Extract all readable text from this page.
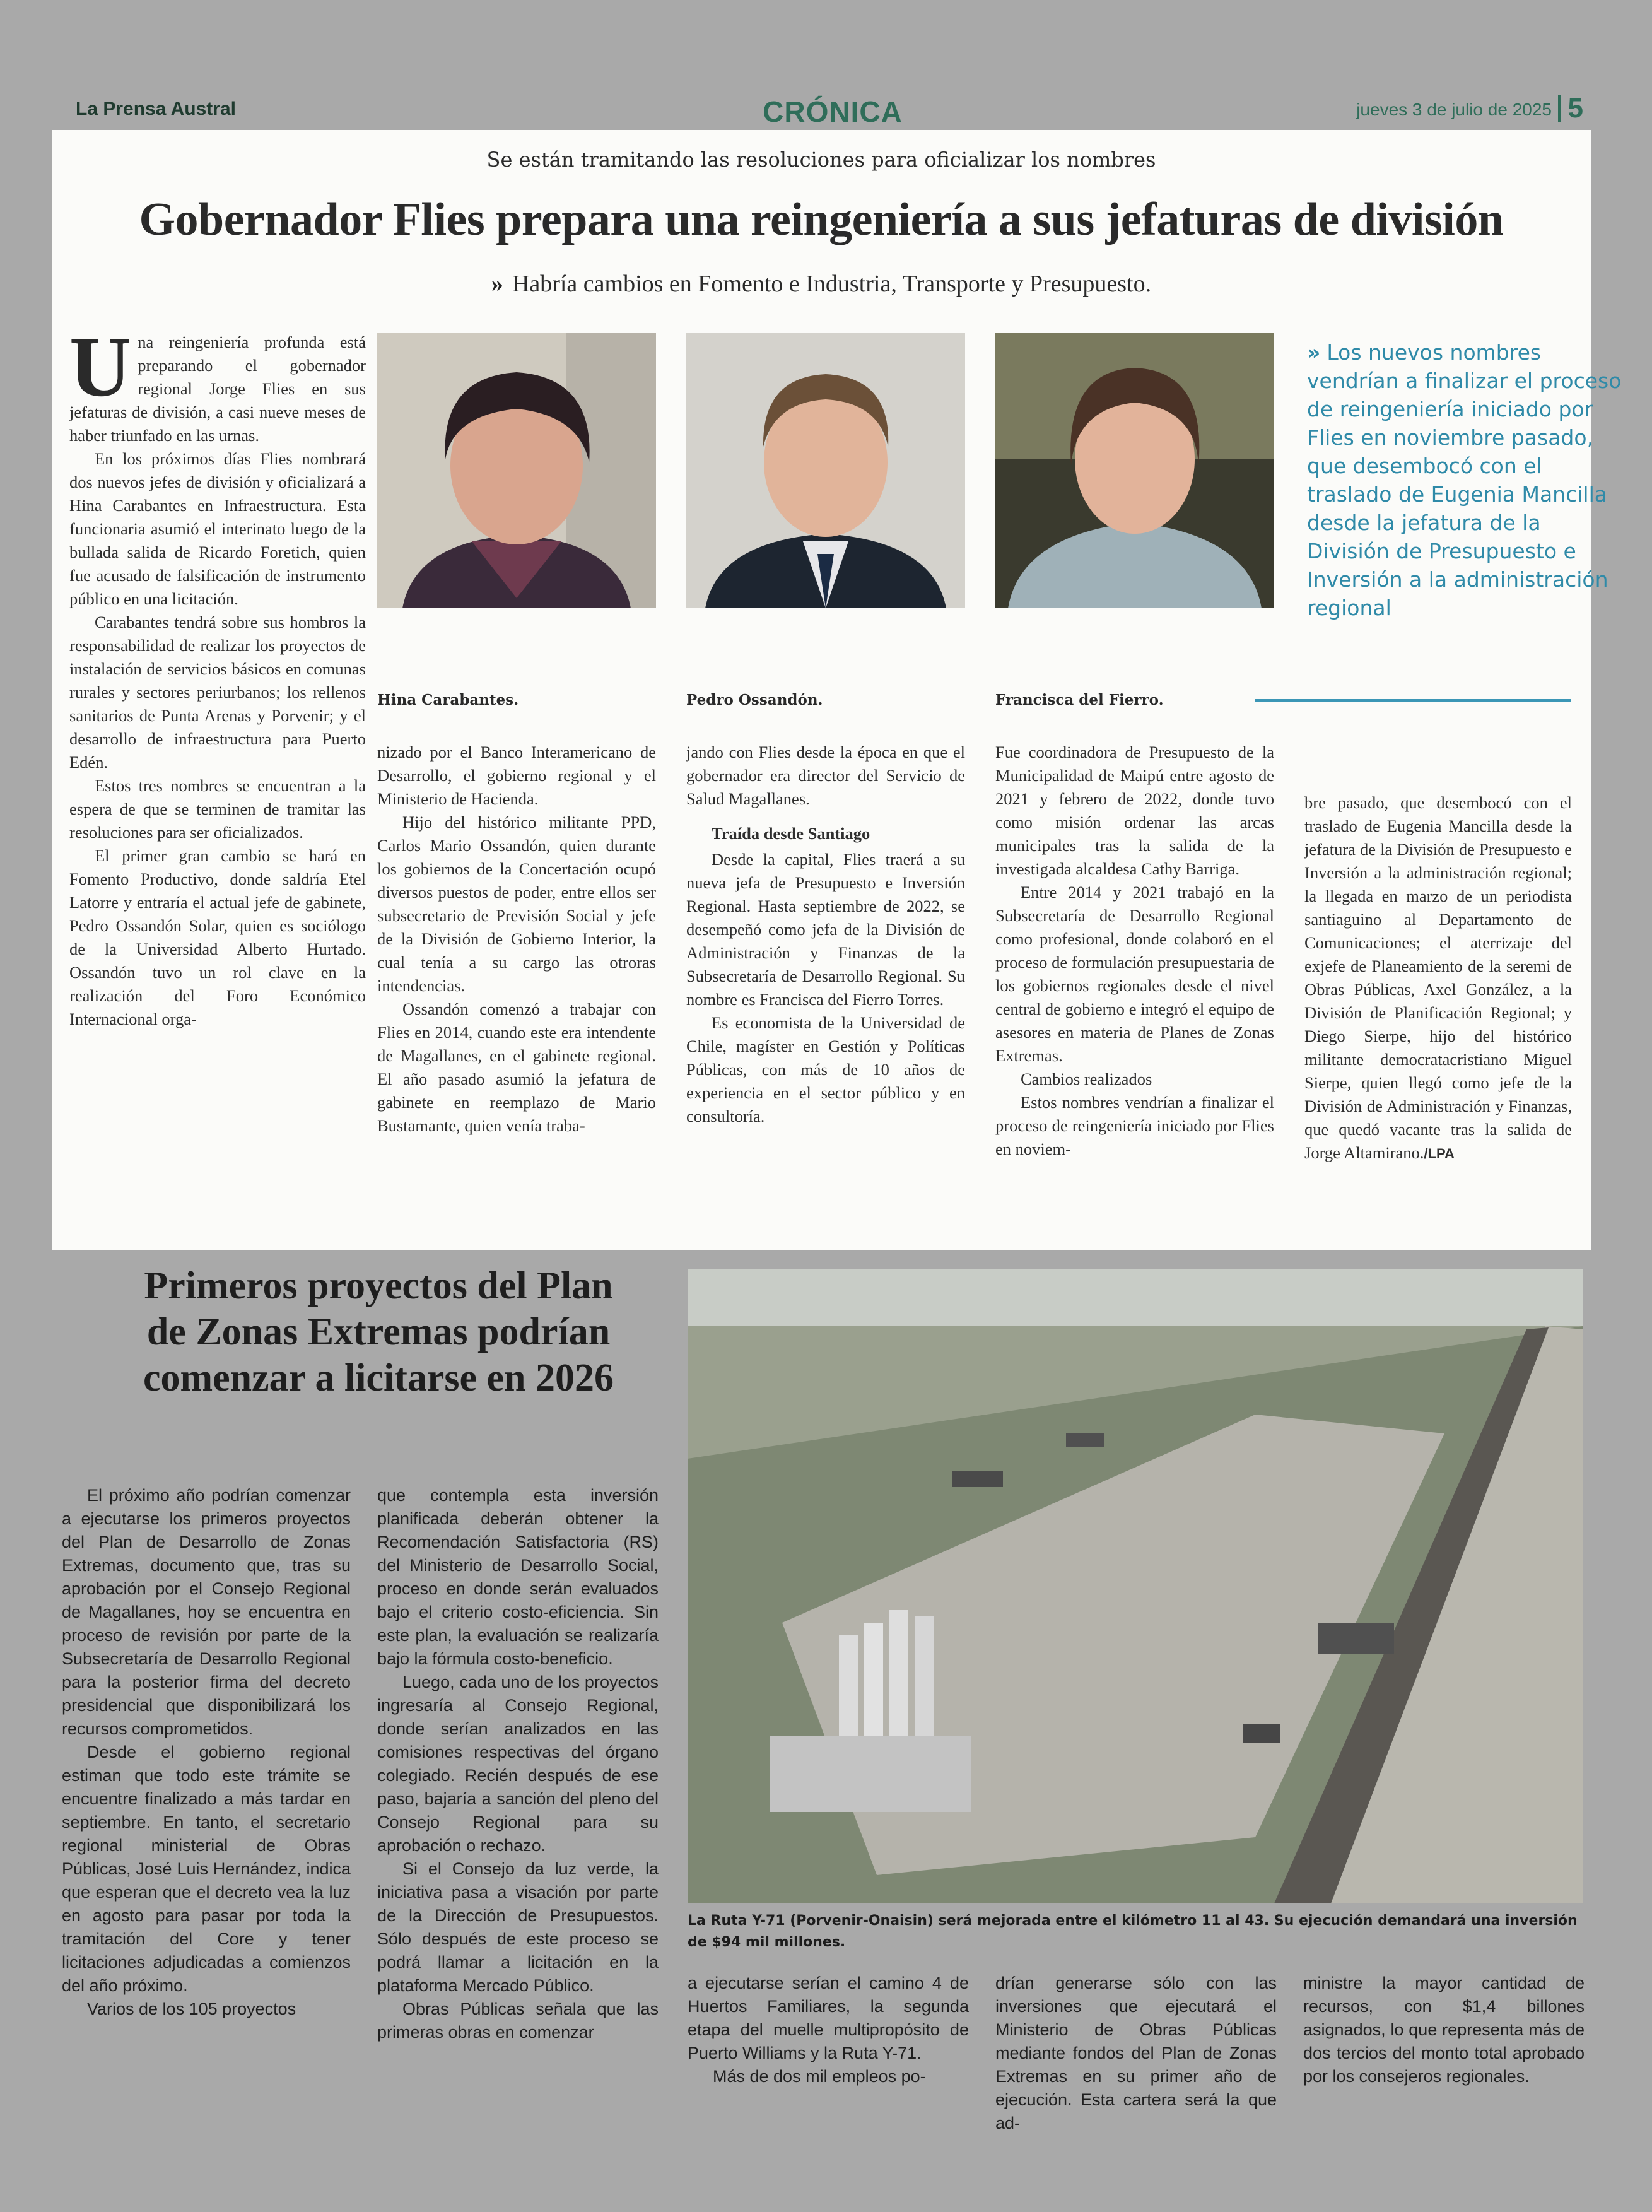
La Prensa Austral	CRÓNICA	jueves 3 de julio de 2025 5
Se están tramitando las resoluciones para oficializar los nombres
Gobernador Flies prepara una reingeniería a sus jefaturas de división
» Habría cambios en Fomento e Industria, Transporte y Presupuesto.

Una reingeniería profunda está preparando el gobernador regional Jorge Flies en sus jefaturas de división, a casi nueve meses de haber triunfado en las urnas.

En los próximos días Flies nombrará dos nuevos jefes de división y oficializará a Hina Carabantes en Infraestructura. Esta funcionaria asumió el interinato luego de la bullada salida de Ricardo Foretich, quien fue acusado de falsificación de instrumento público en una licitación.

Carabantes tendrá sobre sus hombros la responsabilidad de realizar los proyectos de instalación de servicios básicos en comunas rurales y sectores periurbanos; los rellenos sanitarios de Punta Arenas y Porvenir; y el desarrollo de infraestructura para Puerto Edén.

Estos tres nombres se encuentran a la espera de que se terminen de tramitar las resoluciones para ser oficializados.

El primer gran cambio se hará en Fomento Productivo, donde saldría Etel Latorre y entraría el actual jefe de gabinete, Pedro Ossandón Solar, quien es sociólogo de la Universidad Alberto Hurtado. Ossandón tuvo un rol clave en la realización del Foro Económico Internacional orga-

Hina Carabantes.	Pedro Ossandón.	Francisca del Fierro.
» Los nuevos nombres vendrían a finalizar el proceso de reingeniería iniciado por Flies en noviembre pasado, que desembocó con el traslado de Eugenia Mancilla desde la jefatura de la División de Presupuesto e Inversión a la administración regional

nizado por el Banco Interamericano de Desarrollo, el gobierno regional y el Ministerio de Hacienda.

Hijo del histórico militante PPD, Carlos Mario Ossandón, quien durante los gobiernos de la Concertación ocupó diversos puestos de poder, entre ellos ser subsecretario de Previsión Social y jefe de la División de Gobierno Interior, la cual tenía a su cargo las otroras intendencias.

Ossandón comenzó a trabajar con Flies en 2014, cuando este era intendente de Magallanes, en el gabinete regional. El año pasado asumió la jefatura de gabinete en reemplazo de Mario Bustamante, quien venía traba-

jando con Flies desde la época en que el gobernador era director del Servicio de Salud Magallanes.

Traída desde Santiago

Desde la capital, Flies traerá a su nueva jefa de Presupuesto e Inversión Regional. Hasta septiembre de 2022, se desempeñó como jefa de la División de Administración y Finanzas de la Subsecretaría de Desarrollo Regional. Su nombre es Francisca del Fierro Torres.

Es economista de la Universidad de Chile, magíster en Gestión y Políticas Públicas, con más de 10 años de experiencia en el sector público y en consultoría.

Fue coordinadora de Presupuesto de la Municipalidad de Maipú entre agosto de 2021 y febrero de 2022, donde tuvo como misión ordenar las arcas municipales tras la salida de la investigada alcaldesa Cathy Barriga.

Entre 2014 y 2021 trabajó en la Subsecretaría de Desarrollo Regional como profesional, donde colaboró en el proceso de formulación presupuestaria de los gobiernos regionales desde el nivel central de gobierno e integró el equipo de asesores en materia de Planes de Zonas Extremas.

Cambios realizados

Estos nombres vendrían a finalizar el proceso de reingeniería iniciado por Flies en noviem-

bre pasado, que desembocó con el traslado de Eugenia Mancilla desde la jefatura de la División de Presupuesto e Inversión a la administración regional; la llegada en marzo de un periodista santiaguino al Departamento de Comunicaciones; el aterrizaje del exjefe de Planeamiento de la seremi de Obras Públicas, Axel González, a la División de Planificación Regional; y Diego Sierpe, hijo del histórico militante democratacristiano Miguel Sierpe, quien llegó como jefe de la División de Administración y Finanzas, que quedó vacante tras la salida de Jorge Altamirano./LPA

Primeros proyectos del Plan de Zonas Extremas podrían comenzar a licitarse en 2026

El próximo año podrían comenzar a ejecutarse los primeros proyectos del Plan de Desarrollo de Zonas Extremas, documento que, tras su aprobación por el Consejo Regional de Magallanes, hoy se encuentra en proceso de revisión por parte de la Subsecretaría de Desarrollo Regional para la posterior firma del decreto presidencial que disponibilizará los recursos comprometidos.

Desde el gobierno regional estiman que todo este trámite se encuentre finalizado a más tardar en septiembre. En tanto, el secretario regional ministerial de Obras Públicas, José Luis Hernández, indica que esperan que el decreto vea la luz en agosto para pasar por toda la tramitación del Core y tener licitaciones adjudicadas a comienzos del año próximo.

Varios de los 105 proyectos

que contempla esta inversión planificada deberán obtener la Recomendación Satisfactoria (RS) del Ministerio de Desarrollo Social, proceso en donde serán evaluados bajo el criterio costo-eficiencia. Sin este plan, la evaluación se realizaría bajo la fórmula costo-beneficio.

Luego, cada uno de los proyectos ingresaría al Consejo Regional, donde serían analizados en las comisiones respectivas del órgano colegiado. Recién después de ese paso, bajaría a sanción del pleno del Consejo Regional para su aprobación o rechazo.

Si el Consejo da luz verde, la iniciativa pasa a visación por parte de la Dirección de Presupuestos. Sólo después de este proceso se podrá llamar a licitación en la plataforma Mercado Público.

Obras Públicas señala que las primeras obras en comenzar

La Ruta Y-71 (Porvenir-Onaisin) será mejorada entre el kilómetro 11 al 43. Su ejecución demandará una inversión de $94 mil millones.

a ejecutarse serían el camino 4 de Huertos Familiares, la segunda etapa del muelle multipropósito de Puerto Williams y la Ruta Y-71.

Más de dos mil empleos po-

drían generarse sólo con las inversiones que ejecutará el Ministerio de Obras Públicas mediante fondos del Plan de Zonas Extremas en su primer año de ejecución. Esta cartera será la que ad-

ministre la mayor cantidad de recursos, con $1,4 billones asignados, lo que representa más de dos tercios del monto total aprobado por los consejeros regionales.
